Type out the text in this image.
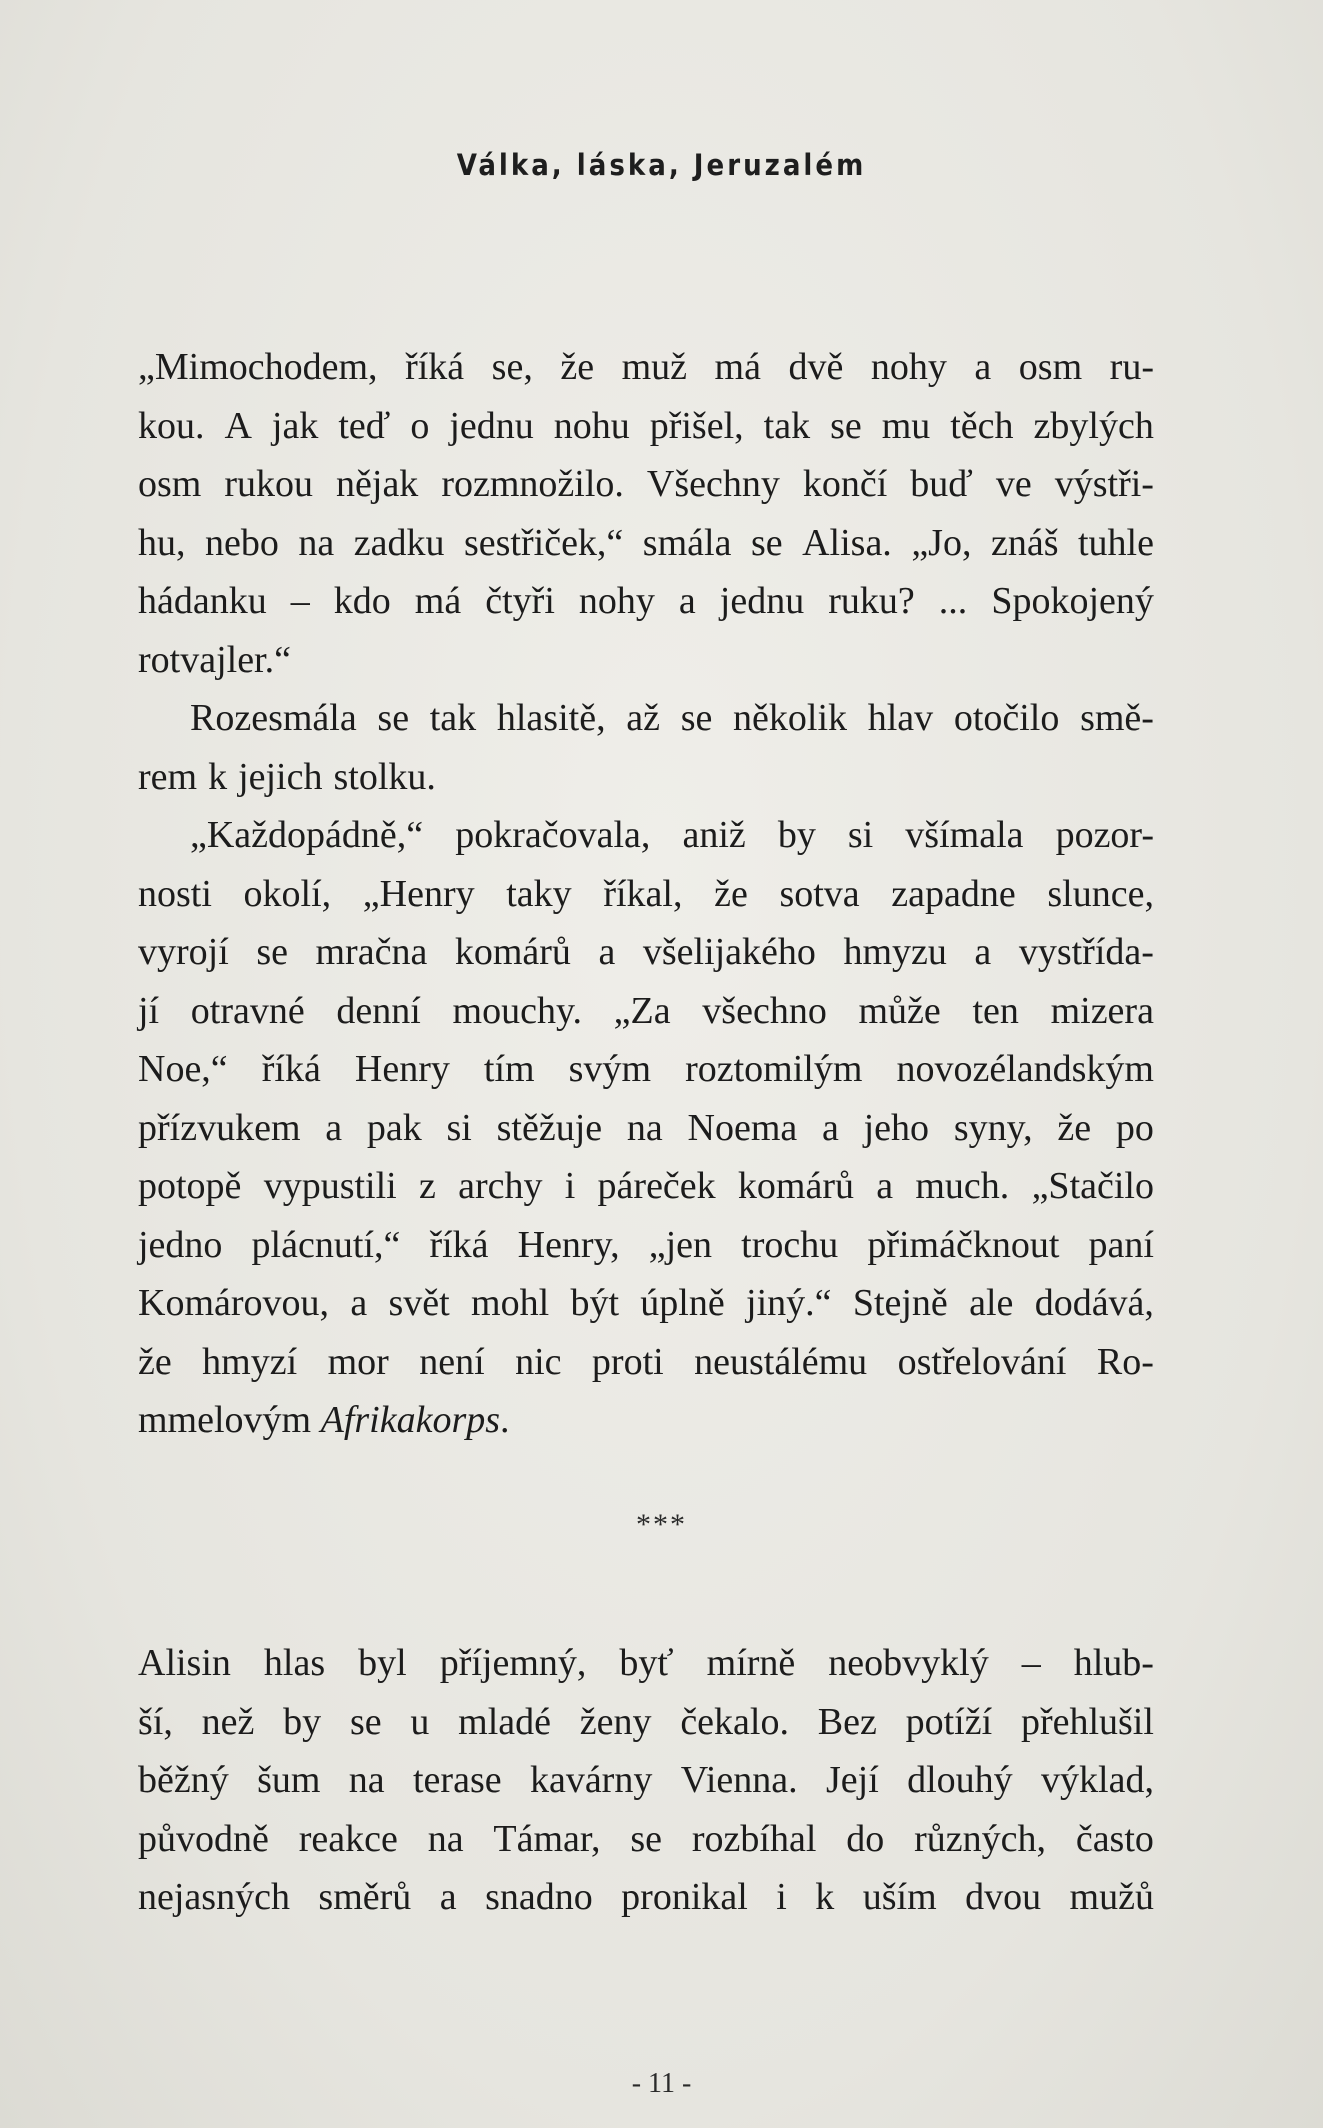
Válka, láska, Jeruzalém
„Mimochodem, říká se, že muž má dvě nohy a osm ru-
kou. A jak teď o jednu nohu přišel, tak se mu těch zbylých
osm rukou nějak rozmnožilo. Všechny končí buď ve výstři-
hu, nebo na zadku sestřiček,“ smála se Alisa. „Jo, znáš tuhle
hádanku – kdo má čtyři nohy a jednu ruku? ... Spokojený
rotvajler.“
Rozesmála se tak hlasitě, až se několik hlav otočilo smě-
rem k jejich stolku.
„Každopádně,“ pokračovala, aniž by si všímala pozor-
nosti okolí, „Henry taky říkal, že sotva zapadne slunce,
vyrojí se mračna komárů a všelijakého hmyzu a vystřída-
jí otravné denní mouchy. „Za všechno může ten mizera
Noe,“ říká Henry tím svým roztomilým novozélandským
přízvukem a pak si stěžuje na Noema a jeho syny, že po
potopě vypustili z archy i páreček komárů a much. „Stačilo
jedno plácnutí,“ říká Henry, „jen trochu přimáčknout paní
Komárovou, a svět mohl být úplně jiný.“ Stejně ale dodává,
že hmyzí mor není nic proti neustálému ostřelování Ro-
mmelovým Afrikakorps .
***
Alisin hlas byl příjemný, byť mírně neobvyklý – hlub-
ší, než by se u mladé ženy čekalo. Bez potíží přehlušil
běžný šum na terase kavárny Vienna. Její dlouhý výklad,
původně reakce na Támar, se rozbíhal do různých, často
nejasných směrů a snadno pronikal i k uším dvou mužů
- 11 -
